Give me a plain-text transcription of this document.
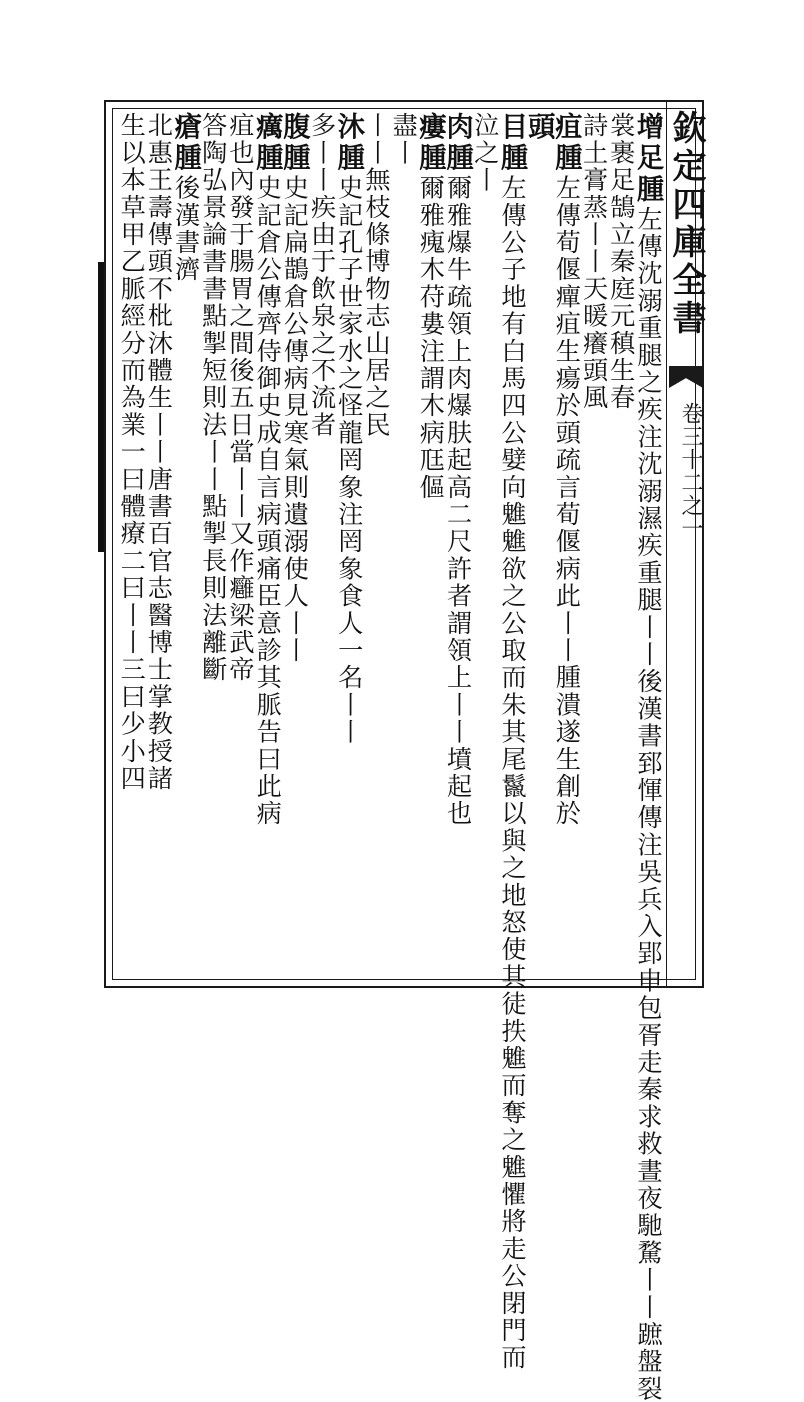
欽定四庫全書
卷三十二之一
增足腫左傳沈溺重腿之疾注沈溺濕疾重腿丨丨後漢書郅惲傳注吳兵入郢申包胥走秦求救晝夜馳騖丨丨蹠盤裂
裳裹足鵠立秦庭元稹生春
詩土膏蒸丨丨天暖癢頭風
疽腫左傳荀偃癉疽生瘍於頭疏言荀偃病此丨丨腫潰遂生創於
頭
目腫左傳公子地有白馬四公嬖向魋魋欲之公取而朱其尾鬣以與之地怒使其徒抶魋而奪之魋懼將走公閉門而
泣之丨
肉腫爾雅爆牛疏領上肉爆肤起高二尺許者謂領上丨丨墳起也
瘻腫爾雅瘣木苻婁注謂木病尫傴
盡丨
丨丨無枝條博物志山居之民
沐腫史記孔子世家水之怪龍罔象注罔象食人一名丨丨
多丨丨疾由于飲泉之不流者
腹腫史記扁鵲倉公傳病見寒氣則遺溺使人丨丨
癘腫史記倉公傳齊侍御史成自言病頭痛臣意診其脈告曰此病
疽也內發于腸胃之間後五日當丨丨又作癰梁武帝
答陶弘景論書書點掣短則法丨丨點掣長則法離斷
瘡腫後漢書濟
北惠王壽傳頭不枇沐體生丨丨唐書百官志醫博士掌教授諸
生以本草甲乙脈經分而為業一曰體療二曰丨丨三曰少小四
